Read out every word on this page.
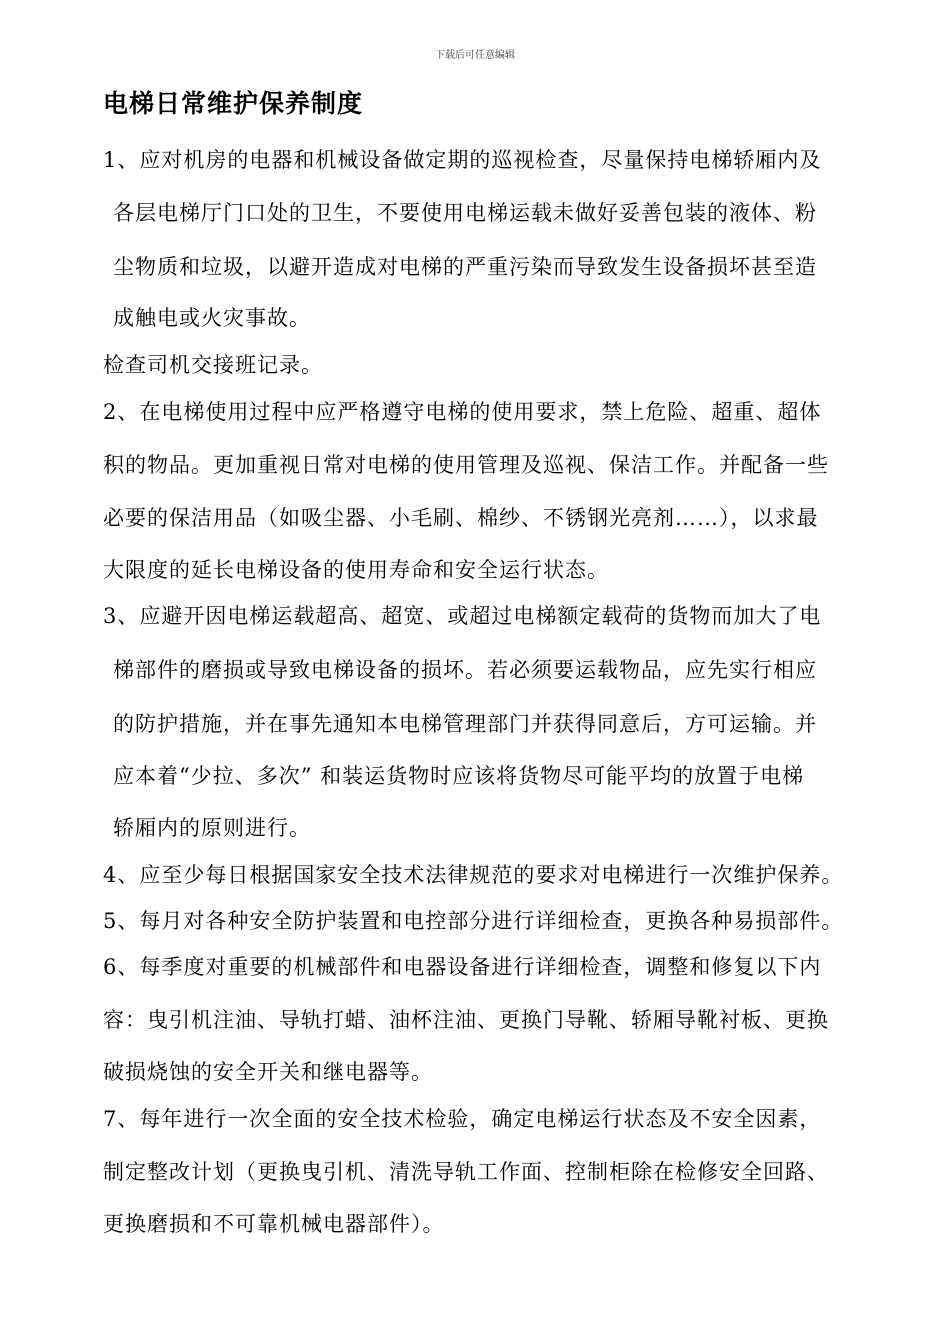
下载后可任意编辑
电梯日常维护保养制度
1、应对机房的电器和机械设备做定期的巡视检查，尽量保持电梯轿厢内及
各层电梯厅门口处的卫生，不要使用电梯运载未做好妥善包装的液体、粉
尘物质和垃圾，以避开造成对电梯的严重污染而导致发生设备损坏甚至造
成触电或火灾事故。
检查司机交接班记录。
2、在电梯使用过程中应严格遵守电梯的使用要求，禁上危险、超重、超体
积的物品。更加重视日常对电梯的使用管理及巡视、保洁工作。并配备一些
必要的保洁用品（如吸尘器、小毛刷、棉纱、不锈钢光亮剂……），以求最
大限度的延长电梯设备的使用寿命和安全运行状态。
3、应避开因电梯运载超高、超宽、或超过电梯额定载荷的货物而加大了电
梯部件的磨损或导致电梯设备的损坏。若必须要运载物品，应先实行相应
的防护措施，并在事先通知本电梯管理部门并获得同意后，方可运输。并
应本着“少拉、多次” 和装运货物时应该将货物尽可能平均的放置于电梯
轿厢内的原则进行。
4、应至少每日根据国家安全技术法律规范的要求对电梯进行一次维护保养。
5、每月对各种安全防护装置和电控部分进行详细检查，更换各种易损部件。
6、每季度对重要的机械部件和电器设备进行详细检查，调整和修复以下内
容：曳引机注油、导轨打蜡、油杯注油、更换门导靴、轿厢导靴衬板、更换
破损烧蚀的安全开关和继电器等。
7、每年进行一次全面的安全技术检验，确定电梯运行状态及不安全因素，
制定整改计划（更换曳引机、清洗导轨工作面、控制柜除在检修安全回路、
更换磨损和不可靠机械电器部件）。
